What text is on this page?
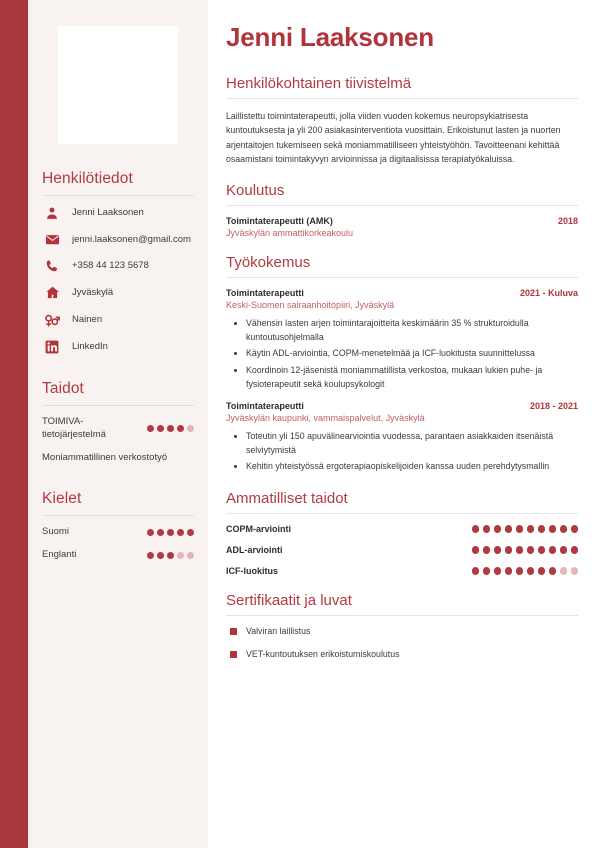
Henkilötiedot
Jenni Laaksonen
jenni.laaksonen@gmail.com
+358 44 123 5678
Jyväskylä
Nainen
LinkedIn
Taidot
TOIMIVA-tietojärjestelmä
Moniammatillinen verkostotyö
Kielet
Suomi
Englanti
Jenni Laaksonen
Henkilökohtainen tiivistelmä

Laillistettu toimintaterapeutti, jolla viiden vuoden kokemus neuropsykiatrisesta kuntoutuksesta ja yli 200 asiakasinterventiota vuosittain. Erikoistunut lasten ja nuorten arjentaitojen tukemiseen sekä moniammatilliseen yhteistyöhön. Tavoitteenani kehittää osaamistani toimintakyvyn arvioinnissa ja digitaalisissa terapiatyökaluissa.

Koulutus
Toimintaterapeutti (AMK)	2018
Jyväskylän ammattikorkeakoulu
Työkokemus
Toimintaterapeutti	2021 - Kuluva
Keski-Suomen sairaanhoitopiiri, Jyväskylä
• Vähensin lasten arjen toimintarajoitteita keskimäärin 35 % strukturoidulla kuntoutusohjelmalla
• Käytin ADL-arviointia, COPM-menetelmää ja ICF-luokitusta suunnittelussa
• Koordinoin 12-jäsenistä moniammatillista verkostoa, mukaan lukien puhe- ja fysioterapeutit sekä koulupsykologit
Toimintaterapeutti	2018 - 2021
Jyväskylän kaupunki, vammaispalvelut, Jyväskylä
• Toteutin yli 150 apuvälinearviointia vuodessa, parantaen asiakkaiden itsenäistä selviytymistä
• Kehitin yhteistyössä ergoterapiaopiskelijoiden kanssa uuden perehdytysmallin
Ammatilliset taidot
COPM-arviointi
ADL-arviointi
ICF-luokitus
Sertifikaatit ja luvat
Valviran laillistus
VET-kuntoutuksen erikoistumiskoulutus
